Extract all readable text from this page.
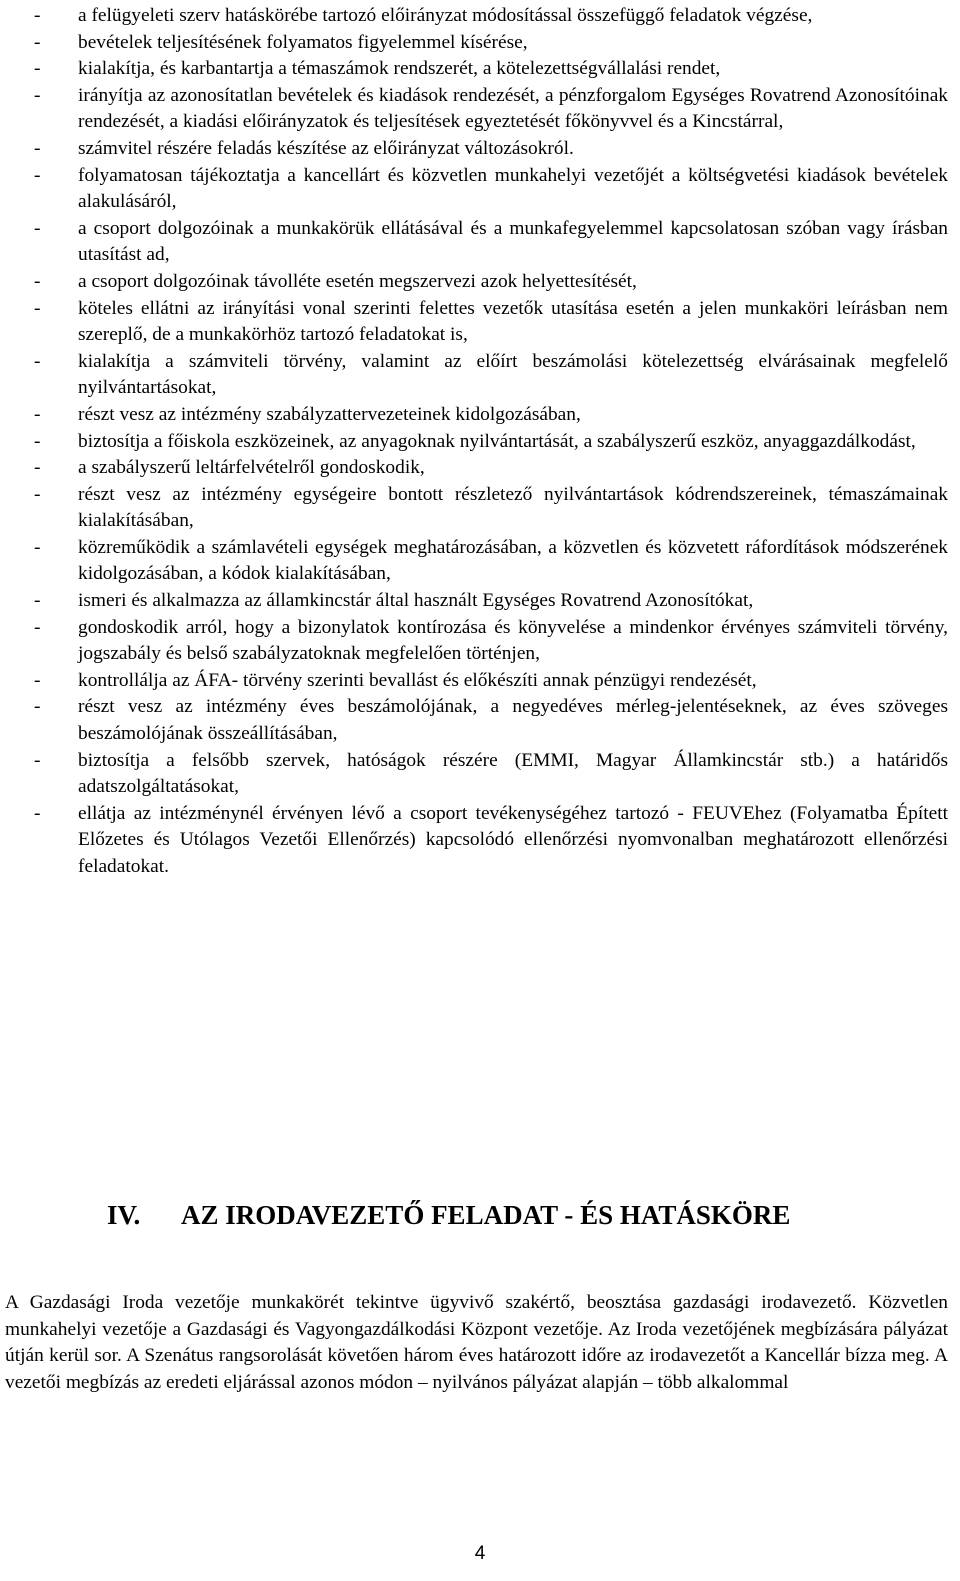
- a felügyeleti szerv hatáskörébe tartozó előirányzat módosítással összefüggő feladatok végzése,
- bevételek teljesítésének folyamatos figyelemmel kísérése,
- kialakítja, és karbantartja a témaszámok rendszerét, a kötelezettségvállalási rendet,
- irányítja az azonosítatlan bevételek és kiadások rendezését, a pénzforgalom Egységes Rovatrend Azonosítóinak rendezését, a kiadási előirányzatok és teljesítések egyeztetését főkönyvvel és a Kincstárral,
- számvitel részére feladás készítése az előirányzat változásokról.
- folyamatosan tájékoztatja a kancellárt és közvetlen munkahelyi vezetőjét a költségvetési kiadások bevételek alakulásáról,
- a csoport dolgozóinak a munkakörük ellátásával és a munkafegyelemmel kapcsolatosan szóban vagy írásban utasítást ad,
- a csoport dolgozóinak távolléte esetén megszervezi azok helyettesítését,
- köteles ellátni az irányítási vonal szerinti felettes vezetők utasítása esetén a jelen munkaköri leírásban nem szereplő, de a munkakörhöz tartozó feladatokat is,
- kialakítja a számviteli törvény, valamint az előírt beszámolási kötelezettség elvárásainak megfelelő nyilvántartásokat,
- részt vesz az intézmény szabályzattervezeteinek kidolgozásában,
- biztosítja a főiskola eszközeinek, az anyagoknak nyilvántartását, a szabályszerű eszköz, anyaggazdálkodást,
- a szabályszerű leltárfelvételről gondoskodik,
- részt vesz az intézmény egységeire bontott részletező nyilvántartások kódrendszereinek, témaszámainak kialakításában,
- közreműködik a számlavételi egységek meghatározásában, a közvetlen és közvetett ráfordítások módszerének kidolgozásában, a kódok kialakításában,
- ismeri és alkalmazza az államkincstár által használt Egységes Rovatrend Azonosítókat,
- gondoskodik arról, hogy a bizonylatok kontírozása és könyvelése a mindenkor érvényes számviteli törvény, jogszabály és belső szabályzatoknak megfelelően történjen,
- kontrollálja az ÁFA- törvény szerinti bevallást és előkészíti annak pénzügyi rendezését,
- részt vesz az intézmény éves beszámolójának, a negyedéves mérleg-jelentéseknek, az éves szöveges beszámolójának összeállításában,
- biztosítja a felsőbb szervek, hatóságok részére (EMMI, Magyar Államkincstár stb.) a határidős adatszolgáltatásokat,
- ellátja az intézménynél érvényen lévő a csoport tevékenységéhez tartozó - FEUVEhez (Folyamatba Épített Előzetes és Utólagos Vezetői Ellenőrzés) kapcsolódó ellenőrzési nyomvonalban meghatározott ellenőrzési feladatokat.
IV. AZ IRODAVEZETŐ FELADAT - ÉS HATÁSKÖRE

A Gazdasági Iroda vezetője munkakörét tekintve ügyvivő szakértő, beosztása gazdasági irodavezető. Közvetlen munkahelyi vezetője a Gazdasági és Vagyongazdálkodási Központ vezetője. Az Iroda vezetőjének megbízására pályázat útján kerül sor. A Szenátus rangsorolását követően három éves határozott időre az irodavezetőt a Kancellár bízza meg. A vezetői megbízás az eredeti eljárással azonos módon – nyilvános pályázat alapján – több alkalommal

4
